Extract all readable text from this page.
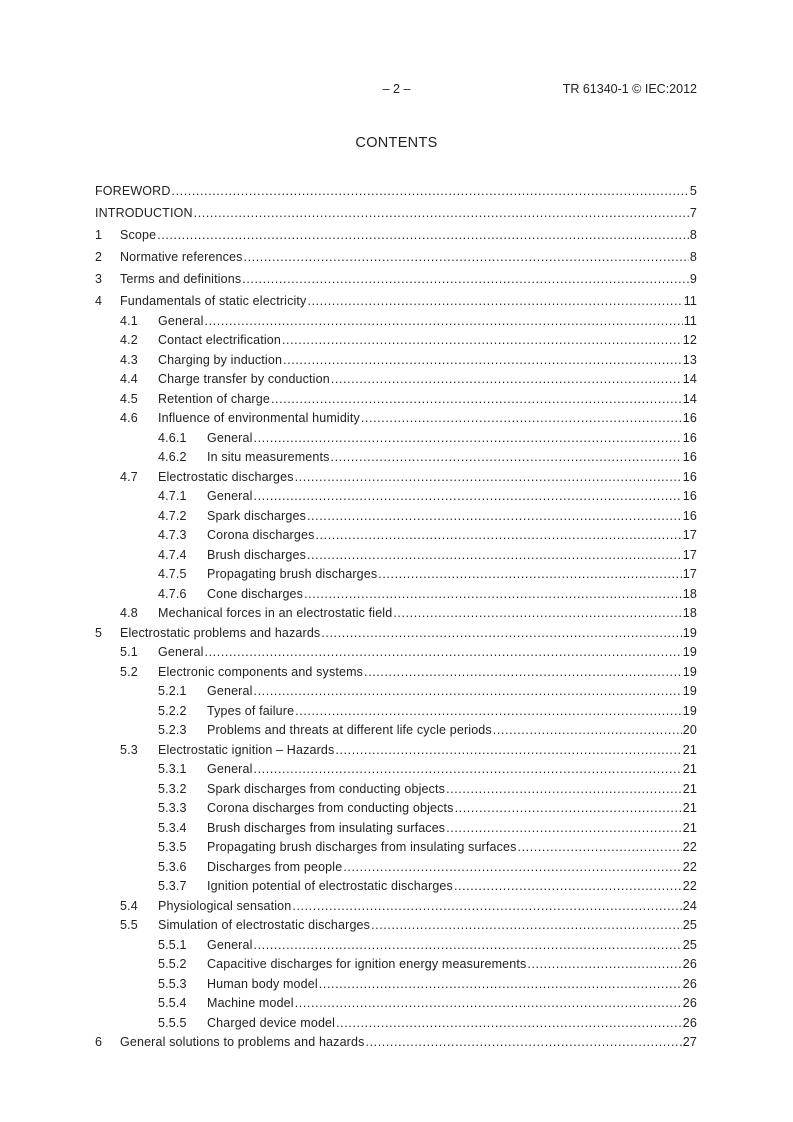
– 2 –	TR 61340-1 © IEC:2012
CONTENTS
FOREWORD .....	5
INTRODUCTION .....	7
1	Scope .....	8
2	Normative references .....	8
3	Terms and definitions .....	9
4	Fundamentals of static electricity .....	11
4.1	General .....	11
4.2	Contact electrification .....	12
4.3	Charging by induction .....	13
4.4	Charge transfer by conduction .....	14
4.5	Retention of charge .....	14
4.6	Influence of environmental humidity .....	16
4.6.1	General .....	16
4.6.2	In situ measurements .....	16
4.7	Electrostatic discharges .....	16
4.7.1	General .....	16
4.7.2	Spark discharges .....	16
4.7.3	Corona discharges .....	17
4.7.4	Brush discharges .....	17
4.7.5	Propagating brush discharges .....	17
4.7.6	Cone discharges .....	18
4.8	Mechanical forces in an electrostatic field .....	18
5	Electrostatic problems and hazards .....	19
5.1	General .....	19
5.2	Electronic components and systems .....	19
5.2.1	General .....	19
5.2.2	Types of failure .....	19
5.2.3	Problems and threats at different life cycle periods .....	20
5.3	Electrostatic ignition – Hazards .....	21
5.3.1	General .....	21
5.3.2	Spark discharges from conducting objects .....	21
5.3.3	Corona discharges from conducting objects .....	21
5.3.4	Brush discharges from insulating surfaces .....	21
5.3.5	Propagating brush discharges from insulating surfaces .....	22
5.3.6	Discharges from people .....	22
5.3.7	Ignition potential of electrostatic discharges .....	22
5.4	Physiological sensation .....	24
5.5	Simulation of electrostatic discharges .....	25
5.5.1	General .....	25
5.5.2	Capacitive discharges for ignition energy measurements .....	26
5.5.3	Human body model .....	26
5.5.4	Machine model .....	26
5.5.5	Charged device model .....	26
6	General solutions to problems and hazards .....	27
